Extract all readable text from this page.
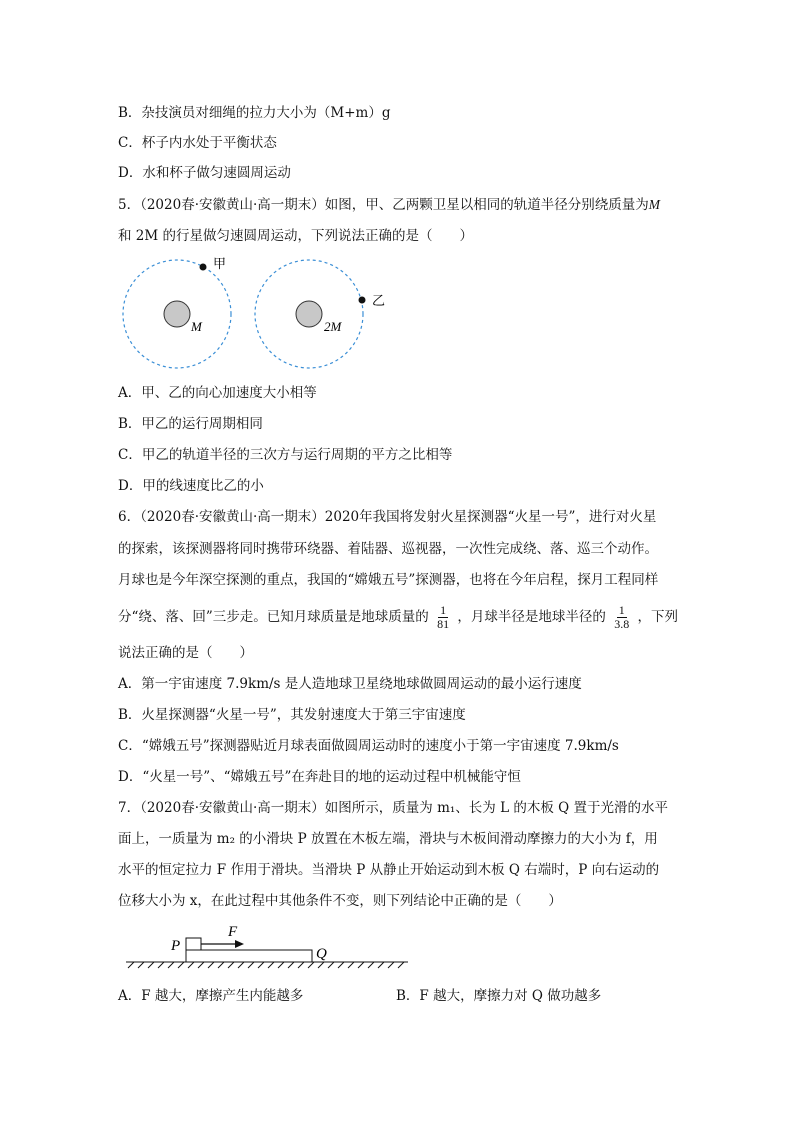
B．杂技演员对细绳的拉力大小为（M+m）g
C．杯子内水处于平衡状态
D．水和杯子做匀速圆周运动
5．（2020春·安徽黄山·高一期末）如图，甲、乙两颗卫星以相同的轨道半径分别绕质量为M
和 2M 的行星做匀速圆周运动，下列说法正确的是（　　）
M
甲
2M
乙
A．甲、乙的向心加速度大小相等
B．甲乙的运行周期相同
C．甲乙的轨道半径的三次方与运行周期的平方之比相等
D．甲的线速度比乙的小
6．（2020春·安徽黄山·高一期末）2020年我国将发射火星探测器“火星一号”，进行对火星
的探索，该探测器将同时携带环绕器、着陆器、巡视器，一次性完成绕、落、巡三个动作。
月球也是今年深空探测的重点，我国的“嫦娥五号”探测器，也将在今年启程，探月工程同样
分“绕、落、回”三步走。已知月球质量是地球质量的 $\frac{1}{81}$ ，月球半径是地球半径的 $\frac{1}{3.8}$ ，下列
说法正确的是（　　）
A．第一宇宙速度 7.9km/s 是人造地球卫星绕地球做圆周运动的最小运行速度
B．火星探测器“火星一号”，其发射速度大于第三宇宙速度
C．“嫦娥五号”探测器贴近月球表面做圆周运动时的速度小于第一宇宙速度 7.9km/s
D．“火星一号”、“嫦娥五号”在奔赴目的地的运动过程中机械能守恒
7．（2020春·安徽黄山·高一期末）如图所示，质量为 m₁、长为 L 的木板 Q 置于光滑的水平
面上，一质量为 m₂ 的小滑块 P 放置在木板左端，滑块与木板间滑动摩擦力的大小为 f，用
水平的恒定拉力 F 作用于滑块。当滑块 P 从静止开始运动到木板 Q 右端时，P 向右运动的
位移大小为 x，在此过程中其他条件不变，则下列结论中正确的是（　　）
P
F
Q
A．F 越大，摩擦产生内能越多	B．F 越大，摩擦力对 Q 做功越多
